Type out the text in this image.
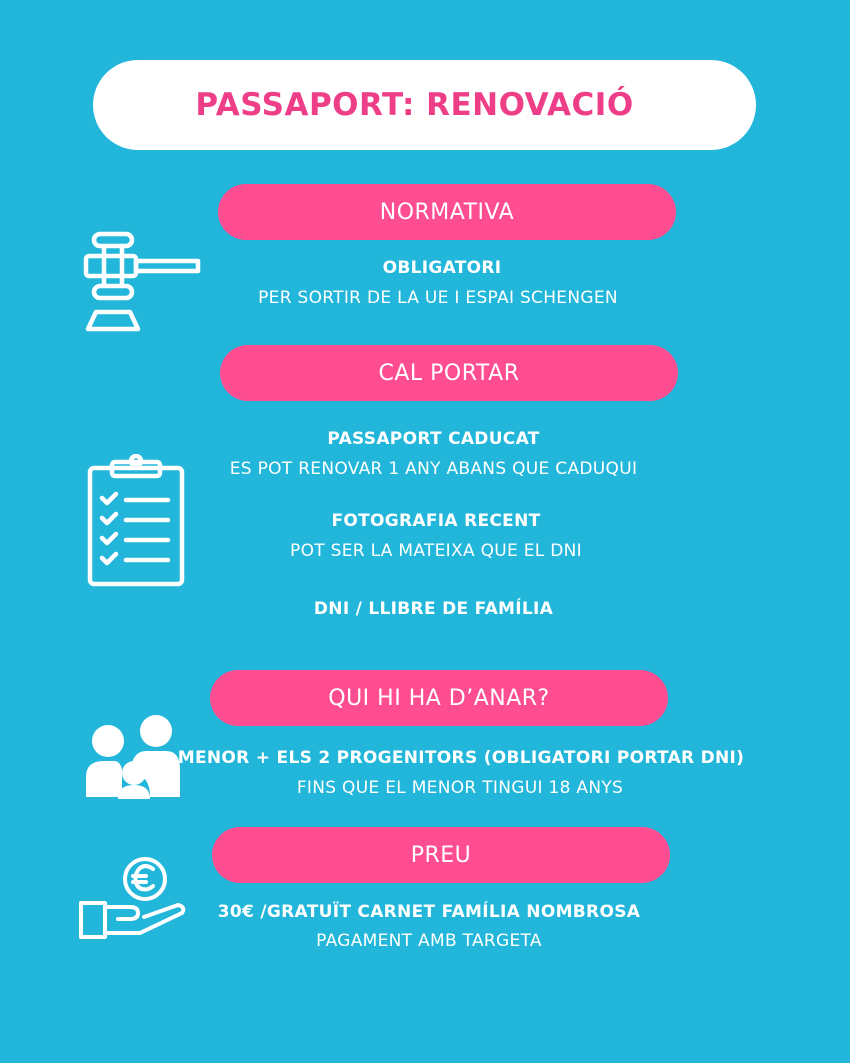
PASSAPORT: RENOVACIÓ
NORMATIVA
OBLIGATORI
PER SORTIR DE LA UE I ESPAI SCHENGEN
CAL PORTAR
PASSAPORT CADUCAT
ES POT RENOVAR 1 ANY ABANS QUE CADUQUI
FOTOGRAFIA RECENT
POT SER LA MATEIXA QUE EL DNI
DNI / LLIBRE DE FAMÍLIA
QUI HI HA D’ANAR?
MENOR + ELS 2 PROGENITORS (OBLIGATORI PORTAR DNI)
FINS QUE EL MENOR TINGUI 18 ANYS
PREU
30€ /GRATUÏT CARNET FAMÍLIA NOMBROSA
PAGAMENT AMB TARGETA
